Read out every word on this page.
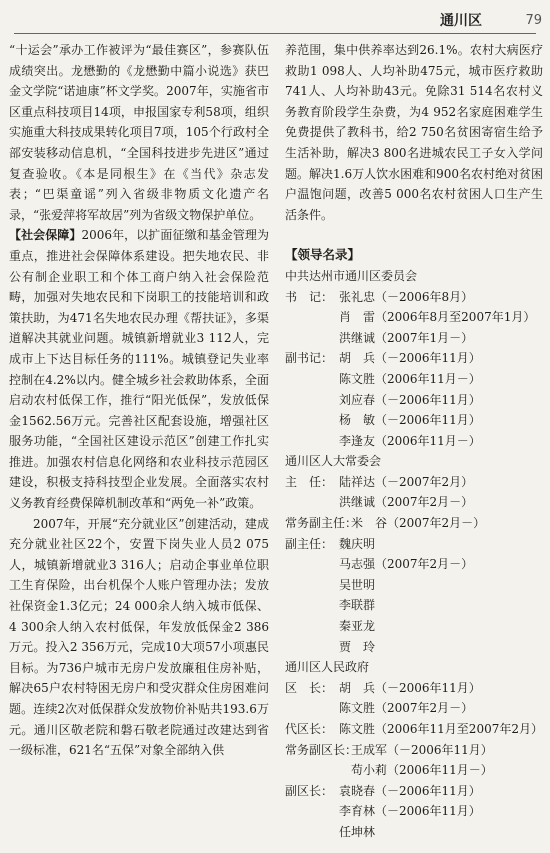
通川区	79

“十运会”承办工作被评为“最佳赛区”，参赛队伍成绩突出。龙懋勤的《龙懋勤中篇小说选》获巴金文学院“诺迪康”杯文学奖。2007年，实施省市区重点科技项目14项，申报国家专利58项，组织实施重大科技成果转化项目7项，105个行政村全部安装移动信息机，“全国科技进步先进区”通过复查验收。《本是同根生》在《当代》杂志发表；“巴渠童谣”列入省级非物质文化遗产名录，“张爱萍将军故居”列为省级文物保护单位。

【社会保障】2006年，以扩面征缴和基金管理为重点，推进社会保障体系建设。把失地农民、非公有制企业职工和个体工商户纳入社会保险范畴，加强对失地农民和下岗职工的技能培训和政策扶助，为471名失地农民办理《帮扶证》，多渠道解决其就业问题。城镇新增就业3 112人，完成市上下达目标任务的111%。城镇登记失业率控制在4.2%以内。健全城乡社会救助体系，全面启动农村低保工作，推行“阳光低保”，发放低保金1562.56万元。完善社区配套设施，增强社区服务功能，“全国社区建设示范区”创建工作扎实推进。加强农村信息化网络和农业科技示范园区建设，积极支持科技型企业发展。全面落实农村义务教育经费保障机制改革和“两免一补”政策。

2007年，开展“充分就业区”创建活动，建成充分就业社区22个，安置下岗失业人员2 075人，城镇新增就业3 316人；启动企事业单位职工生育保险，出台机保个人账户管理办法；发放社保资金1.3亿元；24 000余人纳入城市低保、4 300余人纳入农村低保，年发放低保金2 386万元。投入2 356万元，完成10大项57小项惠民目标。为736户城市无房户发放廉租住房补贴，解决65户农村特困无房户和受灾群众住房困难问题。连续2次对低保群众发放物价补贴共193.6万元。通川区敬老院和磐石敬老院通过改建达到省一级标准，621名“五保”对象全部纳入供

养范围，集中供养率达到26.1%。农村大病医疗救助1 098人、人均补助475元，城市医疗救助741人、人均补助43元。免除31 514名农村义务教育阶段学生杂费，为4 952名家庭困难学生免费提供了教科书，给2 750名贫困寄宿生给予生活补助，解决3 800名进城农民工子女入学问题。解决1.6万人饮水困难和900名农村绝对贫困户温饱问题，改善5 000名农村贫困人口生产生活条件。

【领导名录】
中共达州市通川区委员会
书　记： 张礼忠（－2006年8月）
肖　雷（2006年8月至2007年1月）
洪继诚（2007年1月－）
副书记： 胡　兵（－2006年11月）
陈文胜（2006年11月－）
刘应春（－2006年11月）
杨　敏（－2006年11月）
李逢友（2006年11月－）
通川区人大常委会
主　任： 陆祥达（－2007年2月）
洪继诚（2007年2月－）
常务副主任：
米　谷（2007年2月－）
副主任： 魏庆明
马志强（2007年2月－）
吴世明
李联群
秦亚龙
贾　玲
通川区人民政府
区　长： 胡　兵（－2006年11月）
陈文胜（2007年2月－）
代区长： 陈文胜（2006年11月至2007年2月）
常务副区长：
王成军（－2006年11月）
苟小莉（2006年11月－）
副区长： 袁晓春（－2006年11月）
李育林（－2006年11月）
任坤林
